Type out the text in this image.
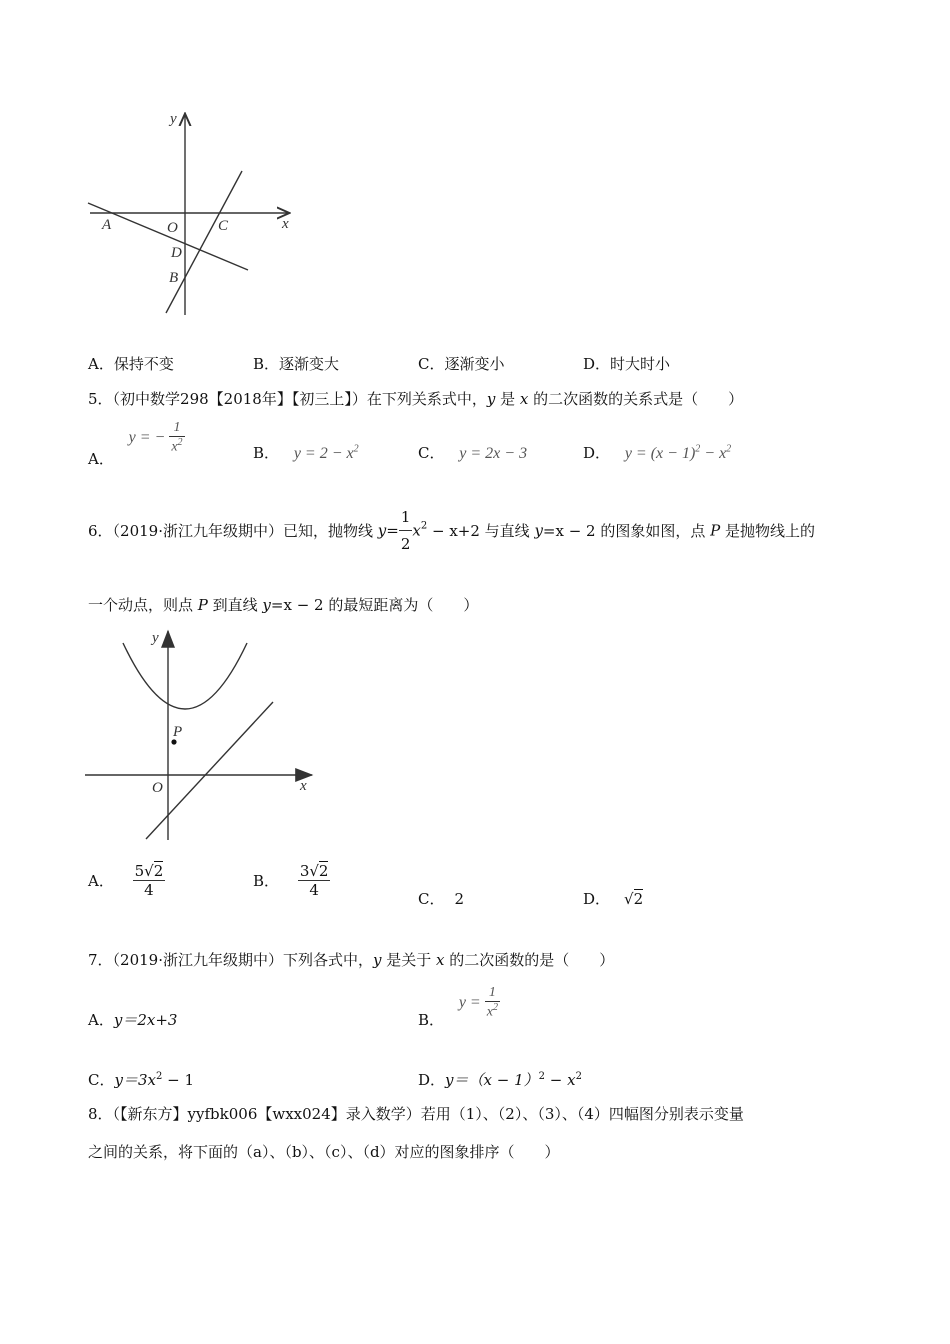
y
x
A	O	C
D
B
A．保持不变	B．逐渐变大	C．逐渐变小	D．时大时小
5．（初中数学298【2018年】【初三上】）在下列关系式中，y 是 x 的二次函数的关系式是（　　）
A． y = − $\frac{1}{x^2}$	B． $y = 2 - x^2$	C． y = 2x − 3	D． $y = (x - 1)^2 - x^2$
6．（2019·浙江九年级期中）已知，抛物线 $y= \frac{1}{2} x^2 - x+2$ 与直线 y=x − 2 的图象如图，点 P 是抛物线上的
一个动点，则点 P 到直线 y=x − 2 的最短距离为（　　）
y
x
O
P
A． $\frac{5√2}{4}$	B． $\frac{3√2}{4}$	C． 2	D． √2
7．（2019·浙江九年级期中）下列各式中，y 是关于 x 的二次函数的是（　　）
A．y＝2x+3	B． $y = \frac{1}{x^2}$
C．$y=3x^2 - 1$	D．$y=(x - 1)^2 - x^2$
8．（【新东方】yyfbk006【wxx024】录入数学）若用（1）、（2）、（3）、（4）四幅图分别表示变量
之间的关系，将下面的（a）、（b）、（c）、（d）对应的图象排序（　　）
